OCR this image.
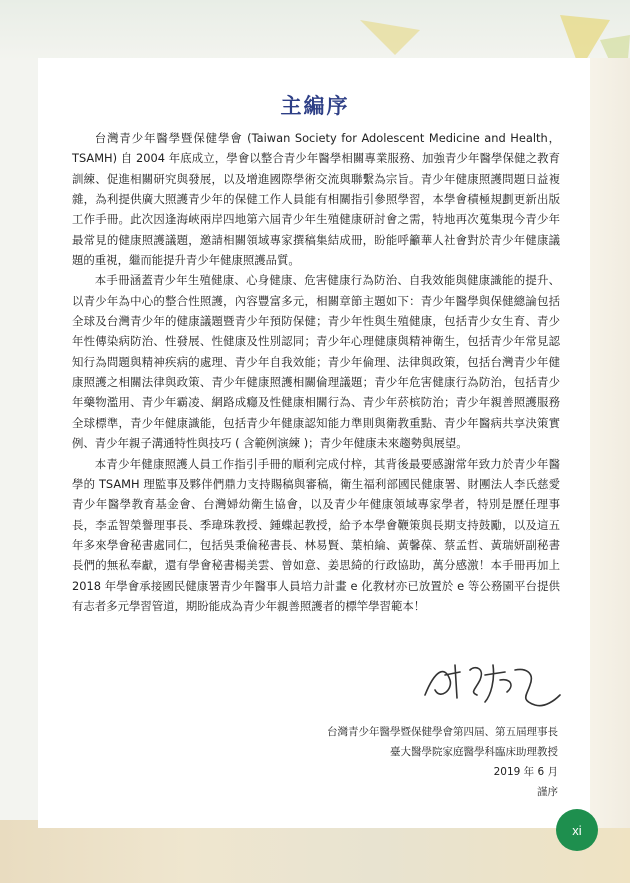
主編序

台灣青少年醫學暨保健學會 (Taiwan Society for Adolescent Medicine and Health，TSAMH) 自 2004 年底成立，學會以整合青少年醫學相關專業服務、加強青少年醫學保健之教育訓練、促進相關研究與發展，以及增進國際學術交流與聯繫為宗旨。青少年健康照護問題日益複雜，為利提供廣大照護青少年的保健工作人員能有相關指引參照學習，本學會積極規劃更新出版工作手冊。此次因逢海峽兩岸四地第六屆青少年生殖健康研討會之需，特地再次蒐集現今青少年最常見的健康照護議題，邀請相關領域專家撰稿集結成冊，盼能呼籲華人社會對於青少年健康議題的重視，繼而能提升青少年健康照護品質。

本手冊涵蓋青少年生殖健康、心身健康、危害健康行為防治、自我效能與健康識能的提升、以青少年為中心的整合性照護，內容豐富多元，相關章節主題如下：青少年醫學與保健總論包括全球及台灣青少年的健康議題暨青少年預防保健；青少年性與生殖健康，包括青少女生育、青少年性傳染病防治、性發展、性健康及性別認同；青少年心理健康與精神衛生，包括青少年常見認知行為問題與精神疾病的處理、青少年自我效能；青少年倫理、法律與政策，包括台灣青少年健康照護之相關法律與政策、青少年健康照護相關倫理議題；青少年危害健康行為防治，包括青少年藥物濫用、青少年霸凌、網路成癮及性健康相關行為、青少年菸槟防治；青少年親善照護服務全球標準，青少年健康識能，包括青少年健康認知能力準則與衛教重點、青少年醫病共享決策實例、青少年親子溝通特性與技巧 ( 含範例演練 )；青少年健康未來趨勢與展望。

本青少年健康照護人員工作指引手冊的順利完成付梓，其背後最要感謝常年致力於青少年醫學的 TSAMH 理監事及夥伴們鼎力支持賜稿與審稿，衛生福利部國民健康署、財團法人李氏慈愛青少年醫學教育基金會、台灣婦幼衛生協會，以及青少年健康領域專家學者，特別是歷任理事長，李孟智榮譽理事長、季瑋珠教授、鍾蝶起教授，給予本學會鞭策與長期支持鼓勵，以及這五年多來學會秘書處同仁，包括吳秉倫秘書長、林易賢、葉柏綸、黃馨葆、蔡孟哲、黃瑞妍副秘書長們的無私奉獻，還有學會秘書楊美雲、曾如意、姜思綺的行政協助，萬分感激！本手冊再加上 2018 年學會承接國民健康署青少年醫事人員培力計畫 e 化教材亦已放置於 e 等公務園平台提供有志者多元學習管道，期盼能成為青少年親善照護者的標竿學習範本！

台灣青少年醫學暨保健學會第四屆、第五屆理事長
臺大醫學院家庭醫學科臨床助理教授
2019 年 6 月
謹序
xi
